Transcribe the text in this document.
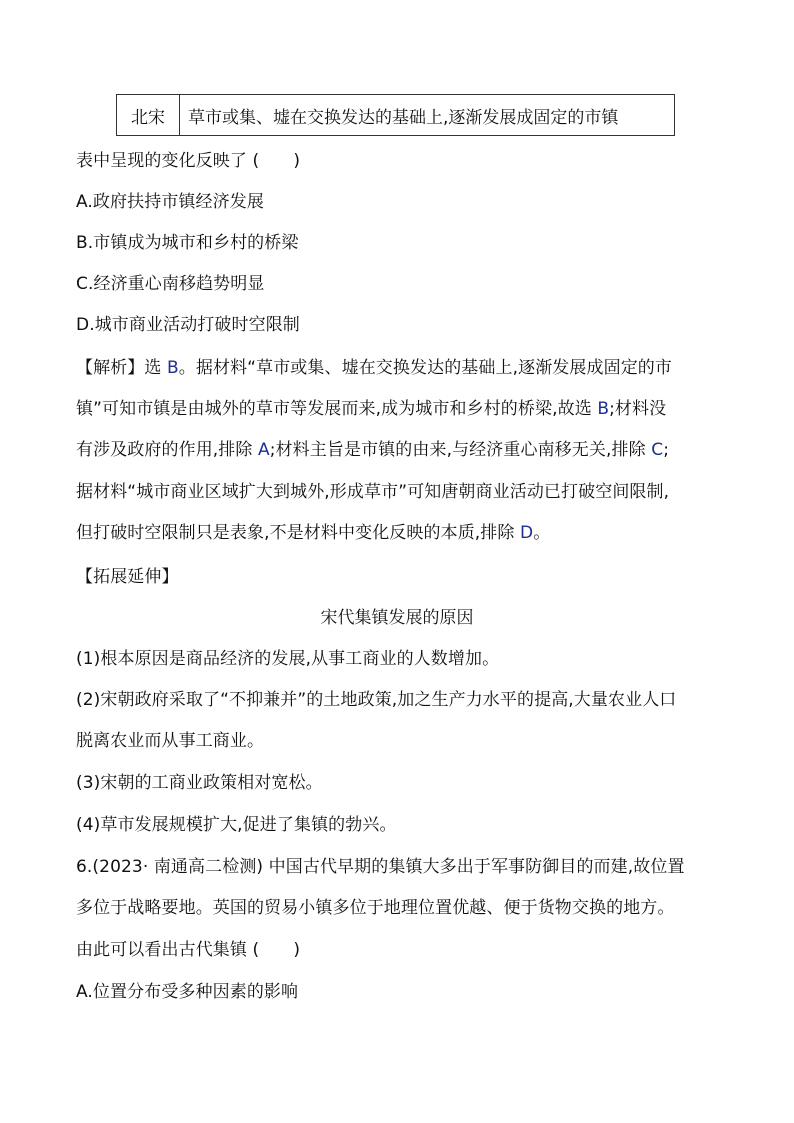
北宋	草市或集、墟在交换发达的基础上,逐渐发展成固定的市镇
表中呈现的变化反映了 (　　)
A.政府扶持市镇经济发展
B.市镇成为城市和乡村的桥梁
C.经济重心南移趋势明显
D.城市商业活动打破时空限制
【解析】选 B。据材料“草市或集、墟在交换发达的基础上,逐渐发展成固定的市
镇”可知市镇是由城外的草市等发展而来,成为城市和乡村的桥梁,故选 B;材料没
有涉及政府的作用,排除 A;材料主旨是市镇的由来,与经济重心南移无关,排除 C;
据材料“城市商业区域扩大到城外,形成草市”可知唐朝商业活动已打破空间限制,
但打破时空限制只是表象,不是材料中变化反映的本质,排除 D。
【拓展延伸】
宋代集镇发展的原因
(1)根本原因是商品经济的发展,从事工商业的人数增加。
(2)宋朝政府采取了“不抑兼并”的土地政策,加之生产力水平的提高,大量农业人口
脱离农业而从事工商业。
(3)宋朝的工商业政策相对宽松。
(4)草市发展规模扩大,促进了集镇的勃兴。
6.(2023· 南通高二检测) 中国古代早期的集镇大多出于军事防御目的而建,故位置
多位于战略要地。英国的贸易小镇多位于地理位置优越、便于货物交换的地方。
由此可以看出古代集镇 (　　)
A.位置分布受多种因素的影响
